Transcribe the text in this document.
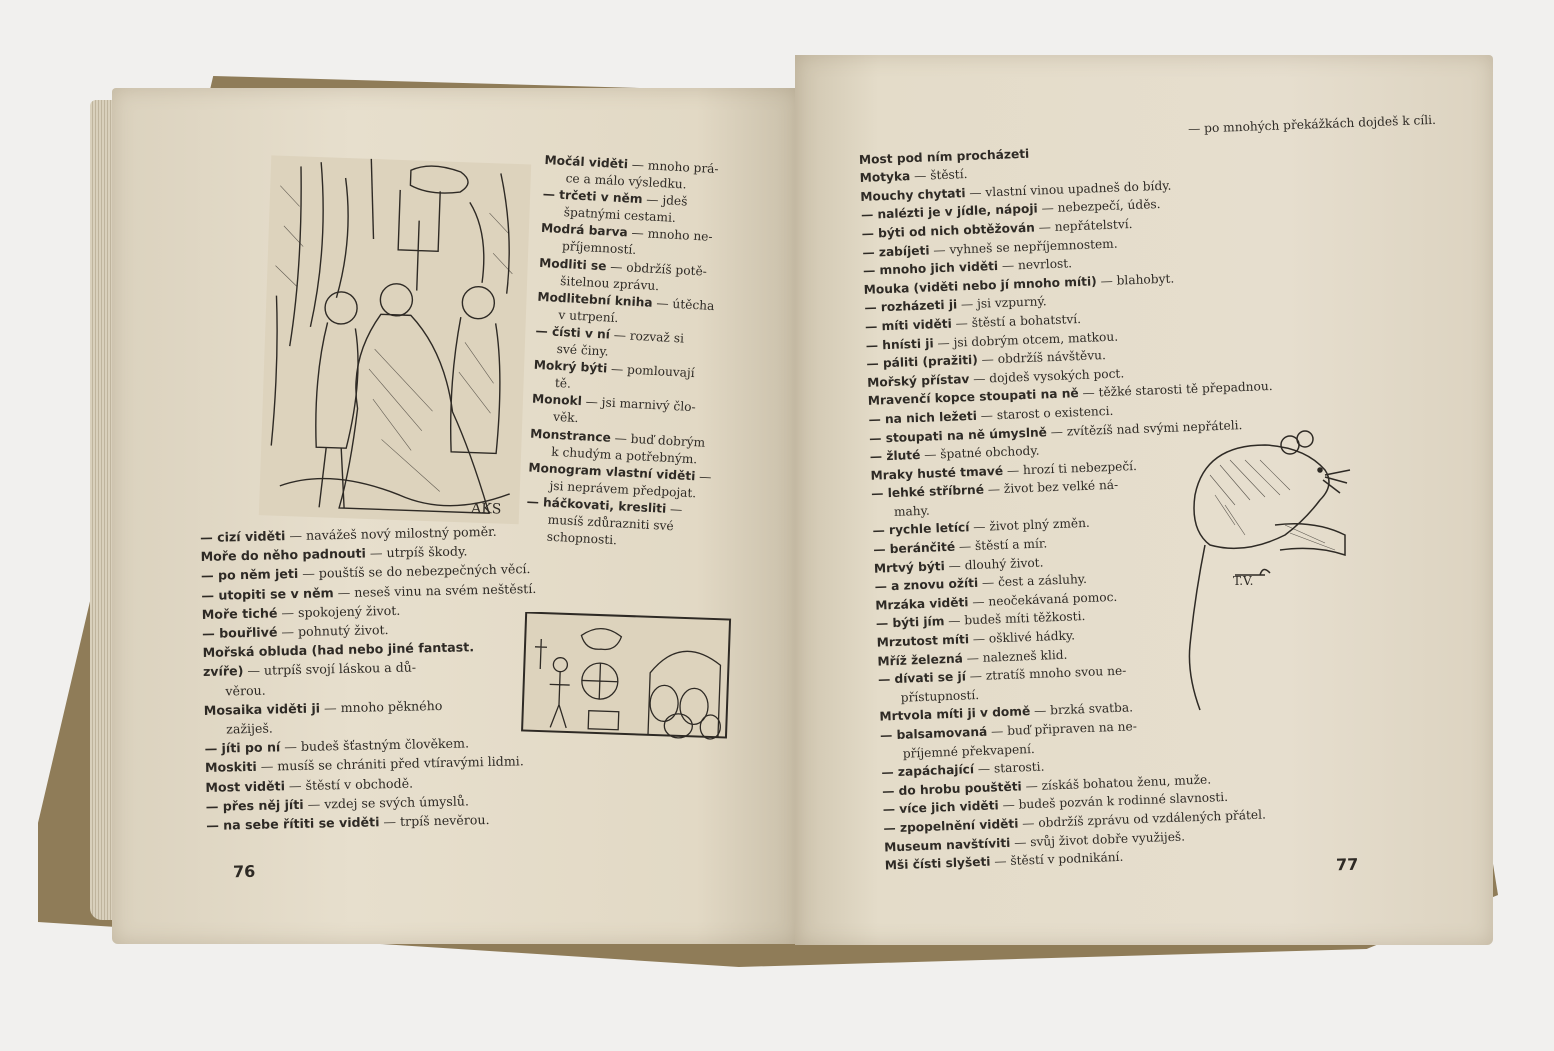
AKS
T.V.
Močál viděti — mnoho prá-
ce a málo výsledku.
— trčeti v něm — jdeš
špatnými cestami.
Modrá barva — mnoho ne-
příjemností.
Modliti se — obdržíš potě-
šitelnou zprávu.
Modlitební kniha — útěcha
v utrpení.
— čísti v ní — rozvaž si
své činy.
Mokrý býti — pomlouvají
tě.
Monokl — jsi marnivý člo-
věk.
Monstrance — buď dobrým
k chudým a potřebným.
Monogram vlastní viděti —
jsi neprávem předpojat.
— háčkovati, kresliti —
musíš zdůrazniti své
schopnosti.
— cizí viděti — navážeš nový milostný poměr.
Moře do něho padnouti — utrpíš škody.
— po něm jeti — pouštíš se do nebezpečných věcí.
— utopiti se v něm — neseš vinu na svém neštěstí.
Moře tiché — spokojený život.
— bouřlivé — pohnutý život.
Mořská obluda (had nebo jiné fantast.
zvíře) — utrpíš svojí láskou a dů-
věrou.
Mosaika viděti ji — mnoho pěkného
zažiješ.
— jíti po ní — budeš šťastným člověkem.
Moskiti — musíš se chrániti před vtíravými lidmi.
Most viděti — štěstí v obchodě.
— přes něj jíti — vzdej se svých úmyslů.
— na sebe řítiti se viděti — trpíš nevěrou.
— po mnohých překážkách dojdeš k cíli.
Most pod ním procházeti
Motyka — štěstí.
Mouchy chytati — vlastní vinou upadneš do bídy.
— nalézti je v jídle, nápoji — nebezpečí, úděs.
— býti od nich obtěžován — nepřátelství.
— zabíjeti — vyhneš se nepříjemnostem.
— mnoho jich viděti — nevrlost.
Mouka (viděti nebo jí mnoho míti) — blahobyt.
— rozházeti ji — jsi vzpurný.
— míti viděti — štěstí a bohatství.
— hnísti ji — jsi dobrým otcem, matkou.
— páliti (pražiti) — obdržíš návštěvu.
Mořský přístav — dojdeš vysokých poct.
Mravenčí kopce stoupati na ně — těžké starosti tě přepadnou.
— na nich ležeti — starost o existenci.
— stoupati na ně úmyslně — zvítězíš nad svými nepřáteli.
— žluté — špatné obchody.
Mraky husté tmavé — hrozí ti nebezpečí.
— lehké stříbrné — život bez velké ná-
mahy.
— rychle letící — život plný změn.
— beránčité — štěstí a mír.
Mrtvý býti — dlouhý život.
— a znovu ožíti — čest a zásluhy.
Mrzáka viděti — neočekávaná pomoc.
— býti jím — budeš míti těžkosti.
Mrzutost míti — ošklivé hádky.
Mříž železná — nalezneš klid.
— dívati se jí — ztratíš mnoho svou ne-
přístupností.
Mrtvola míti ji v domě — brzká svatba.
— balsamovaná — buď připraven na ne-
příjemné překvapení.
— zapáchající — starosti.
— do hrobu pouštěti — získáš bohatou ženu, muže.
— více jich viděti — budeš pozván k rodinné slavnosti.
— zpopelnění viděti — obdržíš zprávu od vzdálených přátel.
Museum navštíviti — svůj život dobře využiješ.
Mši čísti slyšeti — štěstí v podnikání.
76	77
